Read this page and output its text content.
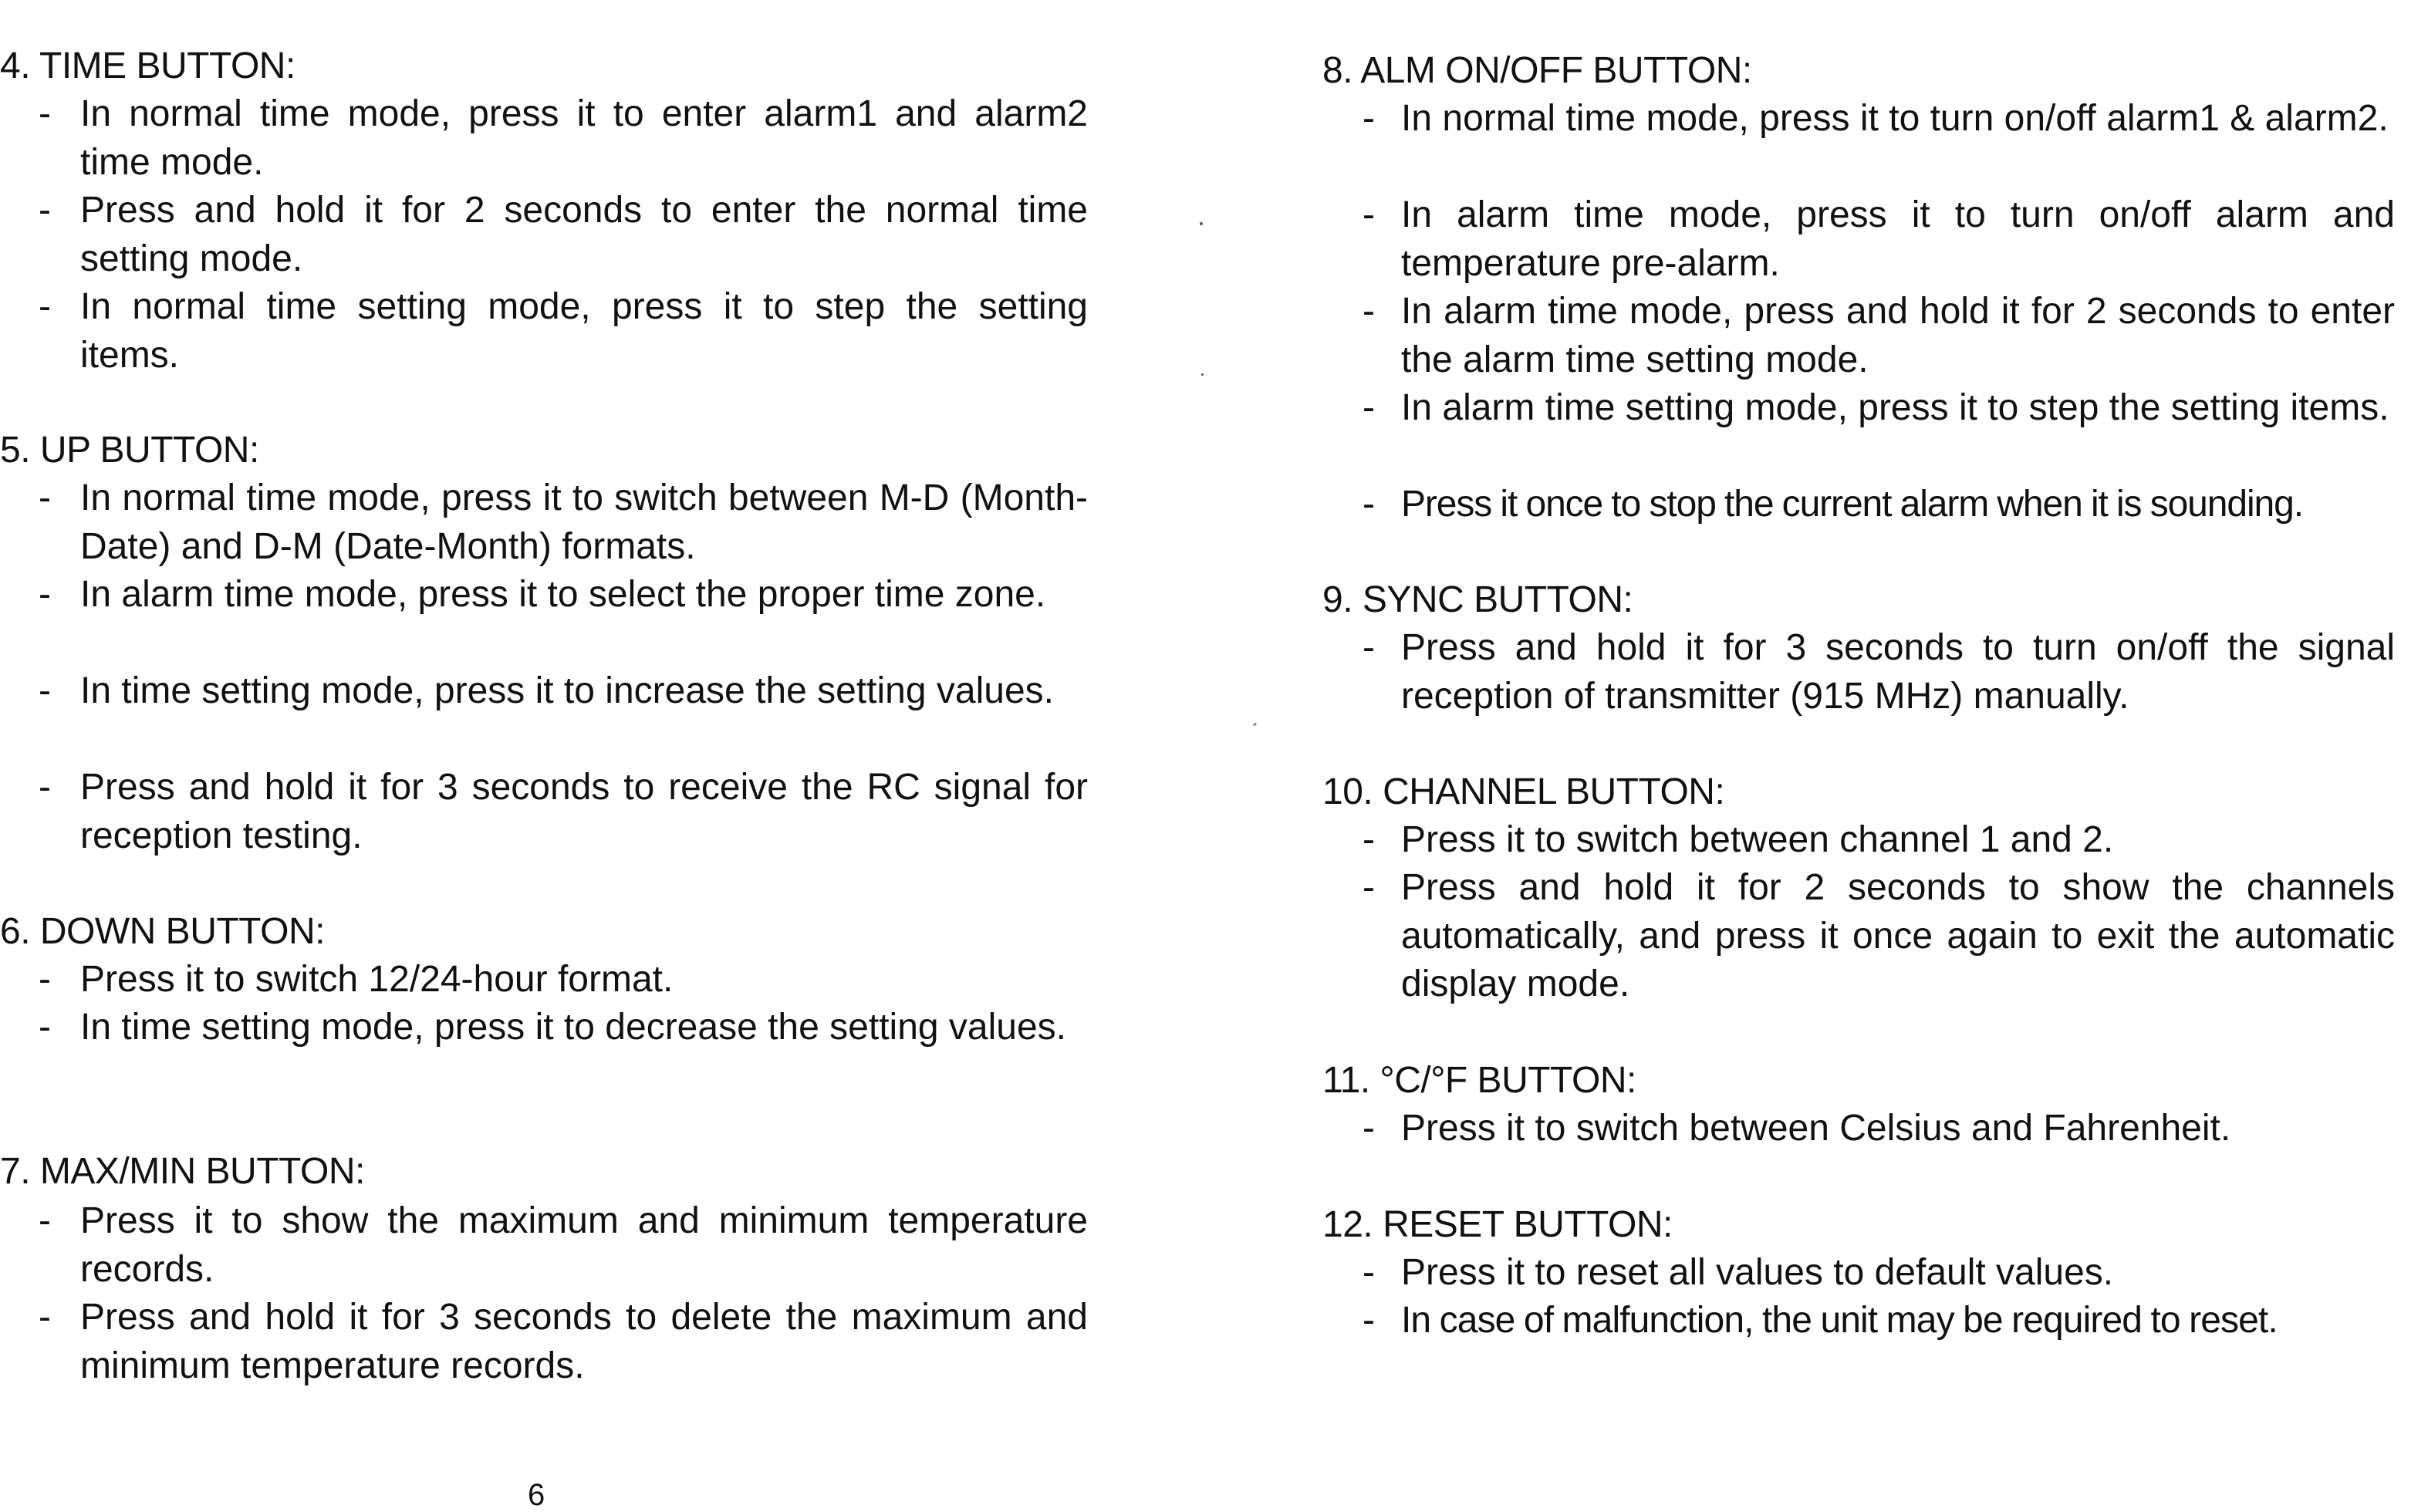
4. TIME BUTTON:
- In normal time mode, press it to enter alarm1 and alarm2 time mode.
- Press and hold it for 2 seconds to enter the normal time setting mode.
- In normal time setting mode, press it to step the setting items.
5. UP BUTTON:
- In normal time mode, press it to switch between M-D (Month-Date) and D-M (Date-Month) formats.
- In alarm time mode, press it to select the proper time zone.
- In time setting mode, press it to increase the setting values.
- Press and hold it for 3 seconds to receive the RC signal for reception testing.
6. DOWN BUTTON:
- Press it to switch 12/24-hour format.
- In time setting mode, press it to decrease the setting values.
7. MAX/MIN BUTTON:
- Press it to show the maximum and minimum temperature records.
- Press and hold it for 3 seconds to delete the maximum and minimum temperature records.
8. ALM ON/OFF BUTTON:
- In normal time mode, press it to turn on/off alarm1 & alarm2.
- In alarm time mode, press it to turn on/off alarm and temperature pre-alarm.
- In alarm time mode, press and hold it for 2 seconds to enter the alarm time setting mode.
- In alarm time setting mode, press it to step the setting items.
- Press it once to stop the current alarm when it is sounding.
9. SYNC BUTTON:
- Press and hold it for 3 seconds to turn on/off the signal reception of transmitter (915 MHz) manually.
10. CHANNEL BUTTON:
- Press it to switch between channel 1 and 2.
- Press and hold it for 2 seconds to show the channels automatically, and press it once again to exit the automatic display mode.
11. °C/°F BUTTON:
- Press it to switch between Celsius and Fahrenheit.
12. RESET BUTTON:
- Press it to reset all values to default values.
- In case of malfunction, the unit may be required to reset.
6
